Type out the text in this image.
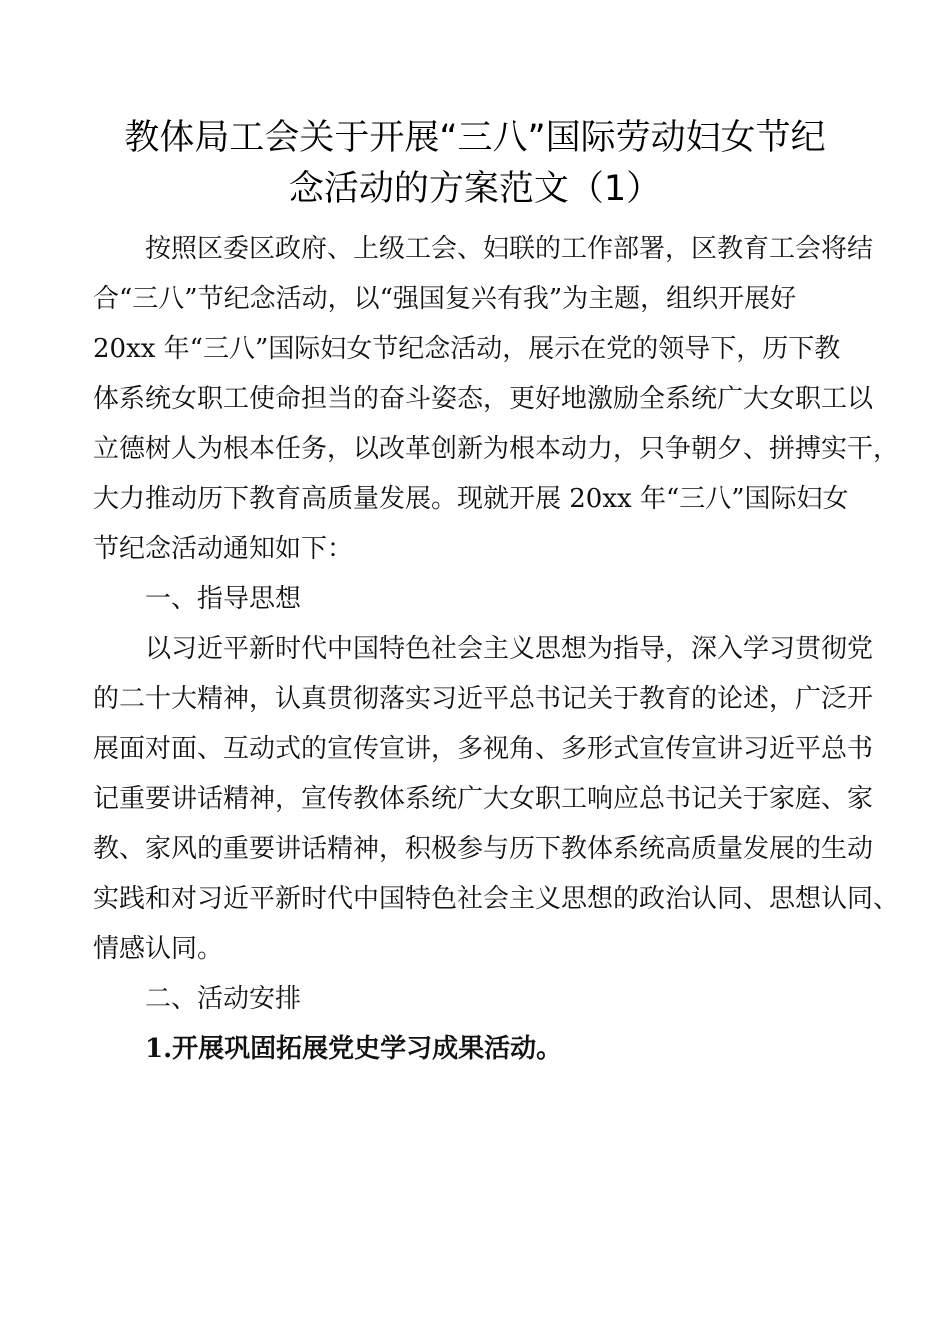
教体局工会关于开展“三八”国际劳动妇女节纪
念活动的方案范文（1）
按照区委区政府、上级工会、妇联的工作部署，区教育工会将结
合“三八”节纪念活动，以“强国复兴有我”为主题，组织开展好
20xx 年“三八”国际妇女节纪念活动，展示在党的领导下，历下教
体系统女职工使命担当的奋斗姿态，更好地激励全系统广大女职工以
立德树人为根本任务，以改革创新为根本动力，只争朝夕、拼搏实干，
大力推动历下教育高质量发展。现就开展 20xx 年“三八”国际妇女
节纪念活动通知如下：
一、指导思想
以习近平新时代中国特色社会主义思想为指导，深入学习贯彻党
的二十大精神，认真贯彻落实习近平总书记关于教育的论述，广泛开
展面对面、互动式的宣传宣讲，多视角、多形式宣传宣讲习近平总书
记重要讲话精神，宣传教体系统广大女职工响应总书记关于家庭、家
教、家风的重要讲话精神，积极参与历下教体系统高质量发展的生动
实践和对习近平新时代中国特色社会主义思想的政治认同、思想认同、
情感认同。
二、活动安排
1.开展巩固拓展党史学习成果活动。
